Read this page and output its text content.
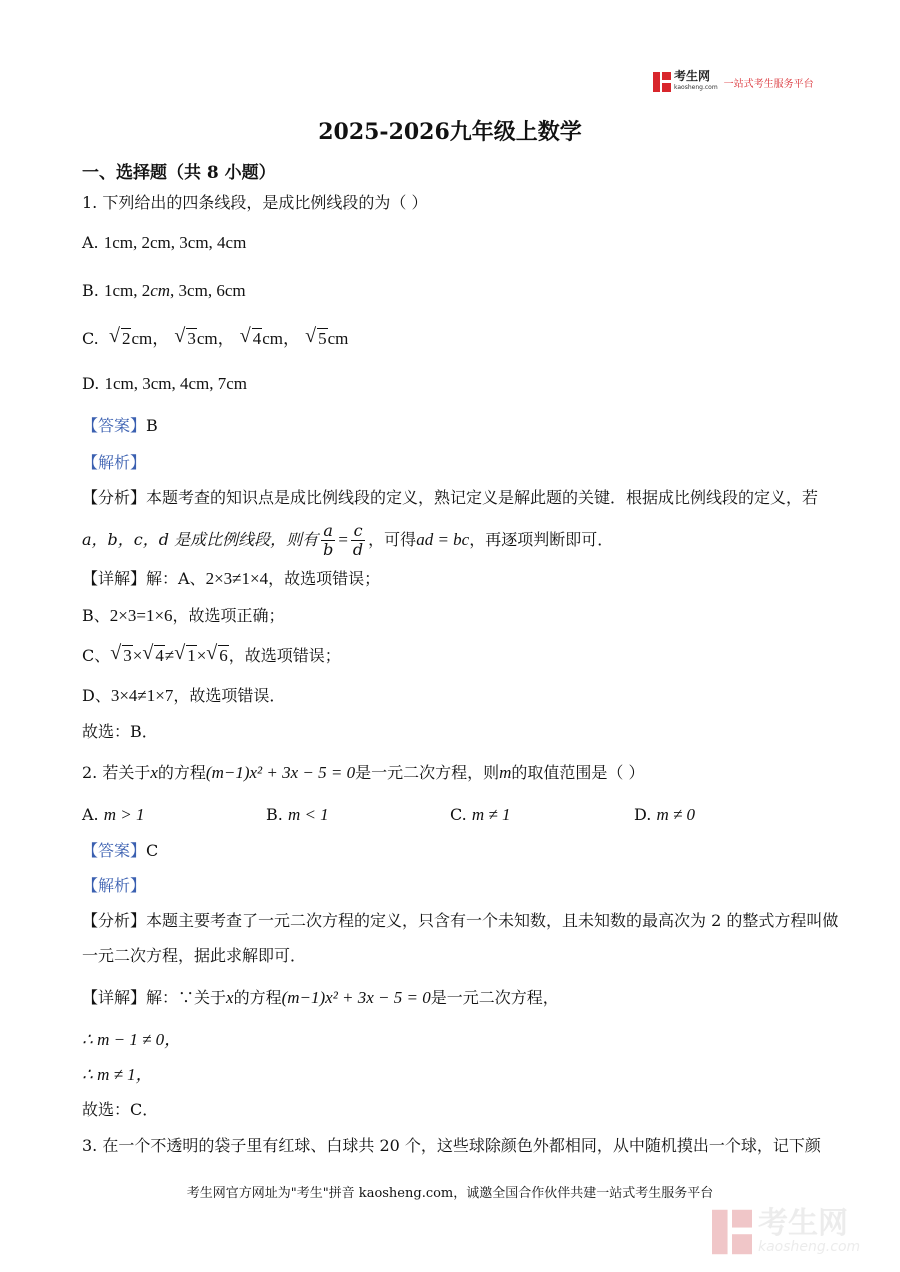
考生网
kaosheng.com 一站式考生服务平台
2025-2026九年级上数学
一、选择题（共 8 小题）
1. 下列给出的四条线段，是成比例线段的为（ ）
A. 1cm, 2cm, 3cm, 4cm
B. 1cm, 2cm, 3cm, 6cm
C. √ 2cm， √ 3cm， √ 4cm， √ 5cm
D. 1cm, 3cm, 4cm, 7cm
【答案】B
【解析】
【分析】本题考查的知识点是成比例线段的定义，熟记定义是解此题的关键．根据成比例线段的定义，若
a，b，c，d 是成比例线段，则有 $\frac{a}{b} = \frac{c}{d}$ ，可得 ad = bc ，再逐项判断即可．
【详解】解：A、2×3≠1×4，故选项错误；
B、2×3=1×6，故选项正确；
C、 √ 3× √ 4≠ √ 1× √ 6，故选项错误；
D、3×4≠1×7，故选项错误．
故选：B．
2. 若关于x的方程(m−1)x² + 3x − 5 = 0是一元二次方程，则m的取值范围是（ ）
A. m > 1	B. m < 1	C. m ≠ 1	D. m ≠ 0
【答案】C
【解析】
【分析】本题主要考查了一元二次方程的定义，只含有一个未知数，且未知数的最高次为 2 的整式方程叫做
一元二次方程，据此求解即可．
【详解】解：∵关于x的方程(m−1)x² + 3x − 5 = 0是一元二次方程，
∴ m − 1 ≠ 0，
∴ m ≠ 1，
故选：C．
3. 在一个不透明的袋子里有红球、白球共 20 个，这些球除颜色外都相同，从中随机摸出一个球，记下颜
考生网官方网址为"考生"拼音 kaosheng.com，诚邀全国合作伙伴共建一站式考生服务平台
考生网
kaosheng.com
